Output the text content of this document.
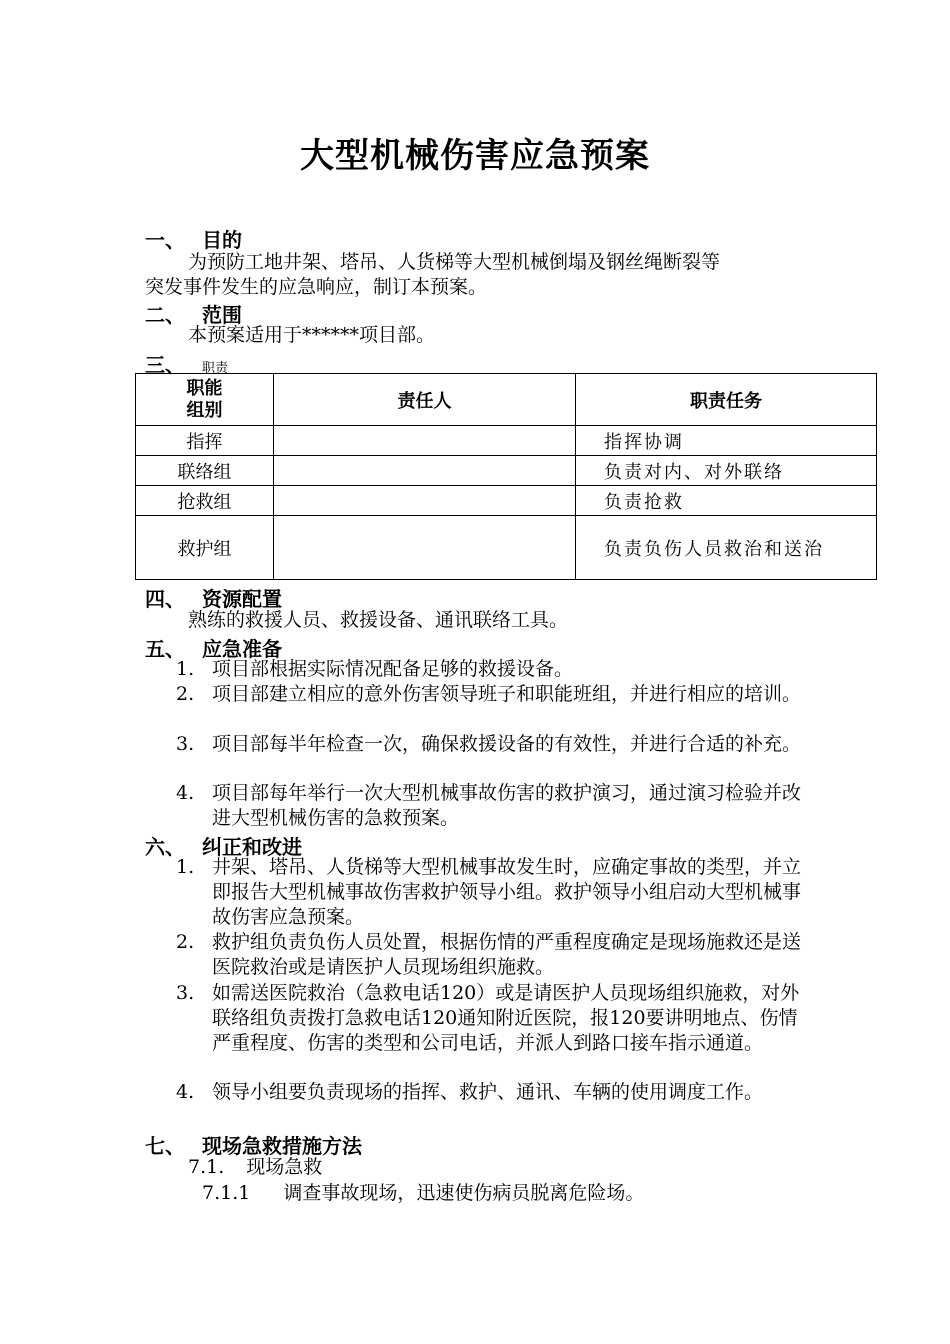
大型机械伤害应急预案
一、 目的
为预防工地井架、塔吊、人货梯等大型机械倒塌及钢丝绳断裂等
突发事件发生的应急响应，制订本预案。
二、 范围
本预案适用于******项目部。
三、 职责
职能
组别	责任人	职责任务
指挥		指挥协调
联络组		负责对内、对外联络
抢救组		负责抢救
救护组		负责负伤人员救治和送治
四、 资源配置
熟练的救援人员、救援设备、通讯联络工具。
五、 应急准备
1. 项目部根据实际情况配备足够的救援设备。
2. 项目部建立相应的意外伤害领导班子和职能班组，并进行相应的培训。
3. 项目部每半年检查一次，确保救援设备的有效性，并进行合适的补充。
4. 项目部每年举行一次大型机械事故伤害的救护演习，通过演习检验并改进大型机械伤害的急救预案。
六、 纠正和改进
1. 井架、塔吊、人货梯等大型机械事故发生时，应确定事故的类型，并立即报告大型机械事故伤害救护领导小组。救护领导小组启动大型机械事故伤害应急预案。
2. 救护组负责负伤人员处置，根据伤情的严重程度确定是现场施救还是送医院救治或是请医护人员现场组织施救。
3. 如需送医院救治（急救电话120）或是请医护人员现场组织施救，对外联络组负责拨打急救电话120通知附近医院，报120要讲明地点、伤情严重程度、伤害的类型和公司电话，并派人到路口接车指示通道。
4. 领导小组要负责现场的指挥、救护、通讯、车辆的使用调度工作。
七、 现场急救措施方法
7.1. 现场急救
7.1.1 调查事故现场，迅速使伤病员脱离危险场。
